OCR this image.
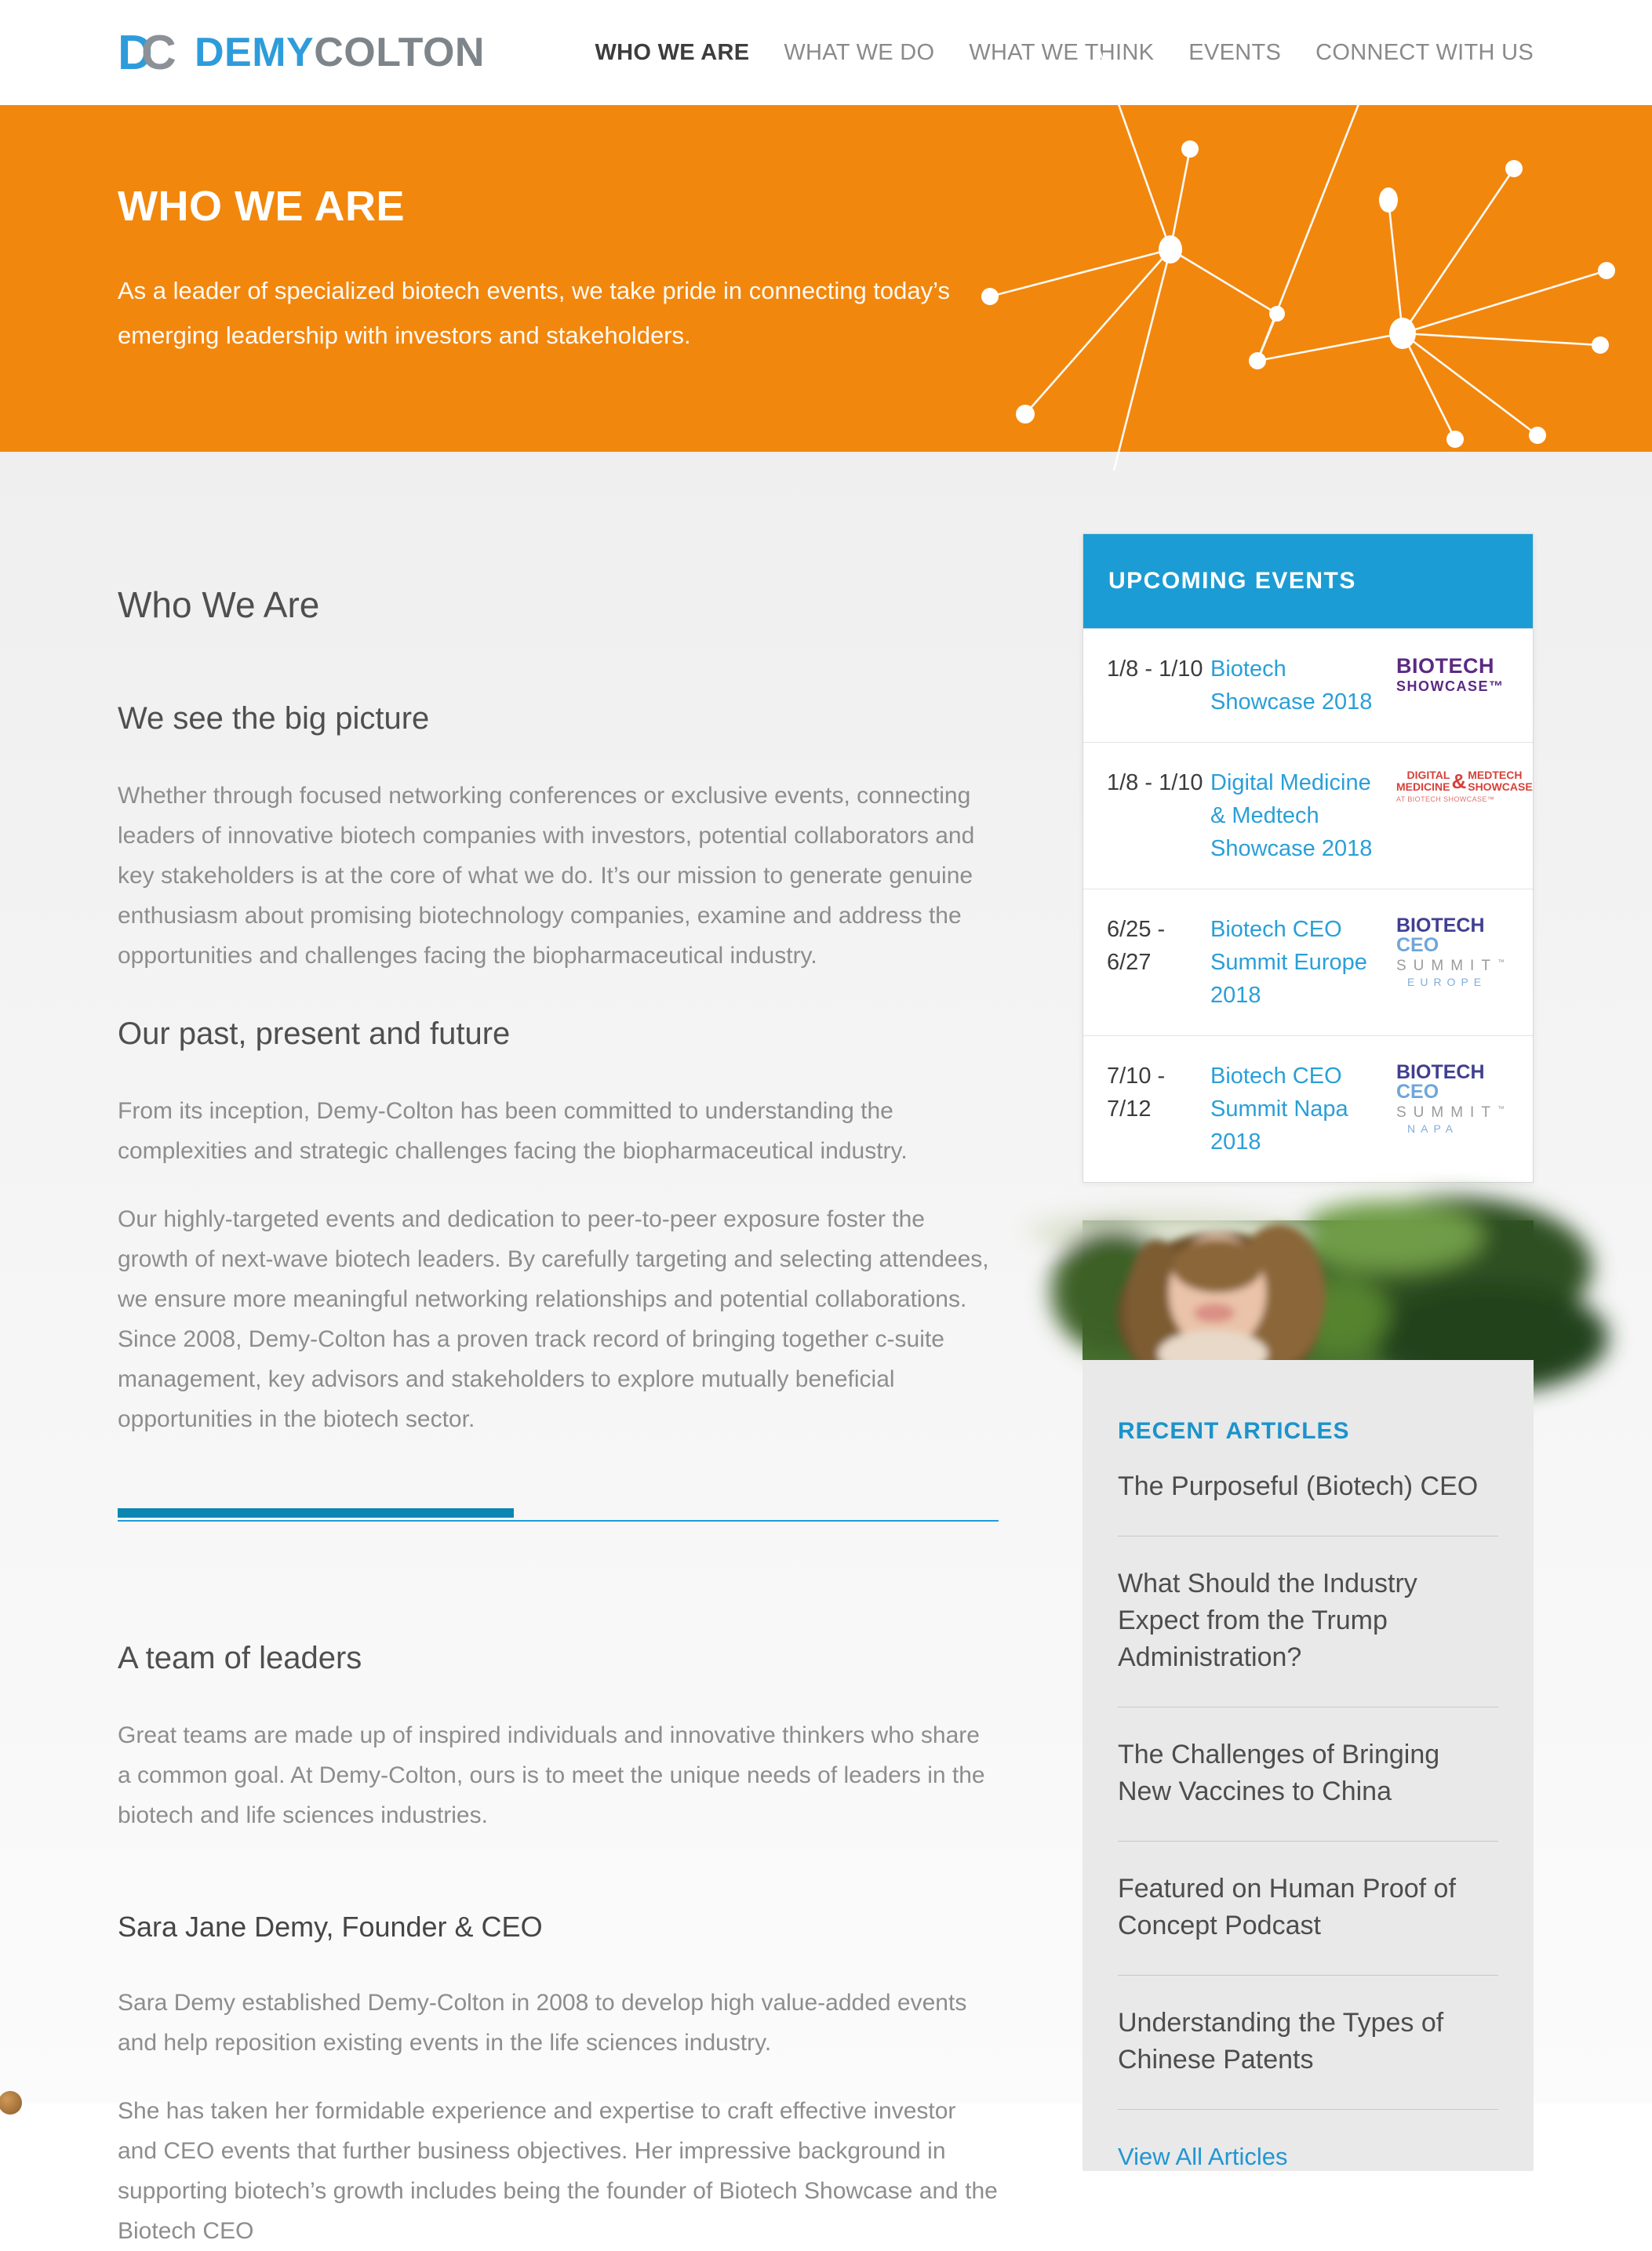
D
C DEMYCOLTON	WHO WE ARE WHAT WE DO WHAT WE THINK EVENTS CONNECT WITH US
WHO WE ARE
As a leader of specialized biotech events, we take pride in connecting today’s emerging leadership with investors and stakeholders.
Who We Are
We see the big picture
Whether through focused networking conferences or exclusive events, connecting leaders of innovative biotech companies with investors, potential collaborators and key stakeholders is at the core of what we do. It’s our mission to generate genuine enthusiasm about promising biotechnology companies, examine and address the opportunities and challenges facing the biopharmaceutical industry.
Our past, present and future
From its inception, Demy-Colton has been committed to understanding the complexities and strategic challenges facing the biopharmaceutical industry.
Our highly-targeted events and dedication to peer-to-peer exposure foster the growth of next-wave biotech leaders. By carefully targeting and selecting attendees, we ensure more meaningful networking relationships and potential collaborations. Since 2008, Demy-Colton has a proven track record of bringing together c-suite management, key advisors and stakeholders to explore mutually beneficial opportunities in the biotech sector.
A team of leaders
Great teams are made up of inspired individuals and innovative thinkers who share a common goal. At Demy-Colton, ours is to meet the unique needs of leaders in the biotech and life sciences industries.
Sara Jane Demy, Founder & CEO
Sara Demy established Demy-Colton in 2008 to develop high value-added events and help reposition existing events in the life sciences industry.
She has taken her formidable experience and expertise to craft effective investor and CEO events that further business objectives. Her impressive background in supporting biotech’s growth includes being the founder of Biotech Showcase and the Biotech CEO
UPCOMING EVENTS
1/8 - 1/10 Biotech Showcase 2018
BIOTECH
SHOWCASE™
1/8 - 1/10 Digital Medicine & Medtech Showcase 2018
DIGITAL
MEDICINE & MEDTECH
SHOWCASE
AT BIOTECH SHOWCASE™
6/25 - 6/27
Biotech CEO Summit Europe 2018
BIOTECH CEO
SUMMIT™
EUROPE
7/10 - 7/12
Biotech CEO Summit Napa 2018
BIOTECH CEO
SUMMIT™
NAPA
RECENT ARTICLES
The Purposeful (Biotech) CEO
What Should the Industry Expect from the Trump Administration?
The Challenges of Bringing New Vaccines to China
Featured on Human Proof of Concept Podcast
Understanding the Types of Chinese Patents
View All Articles
